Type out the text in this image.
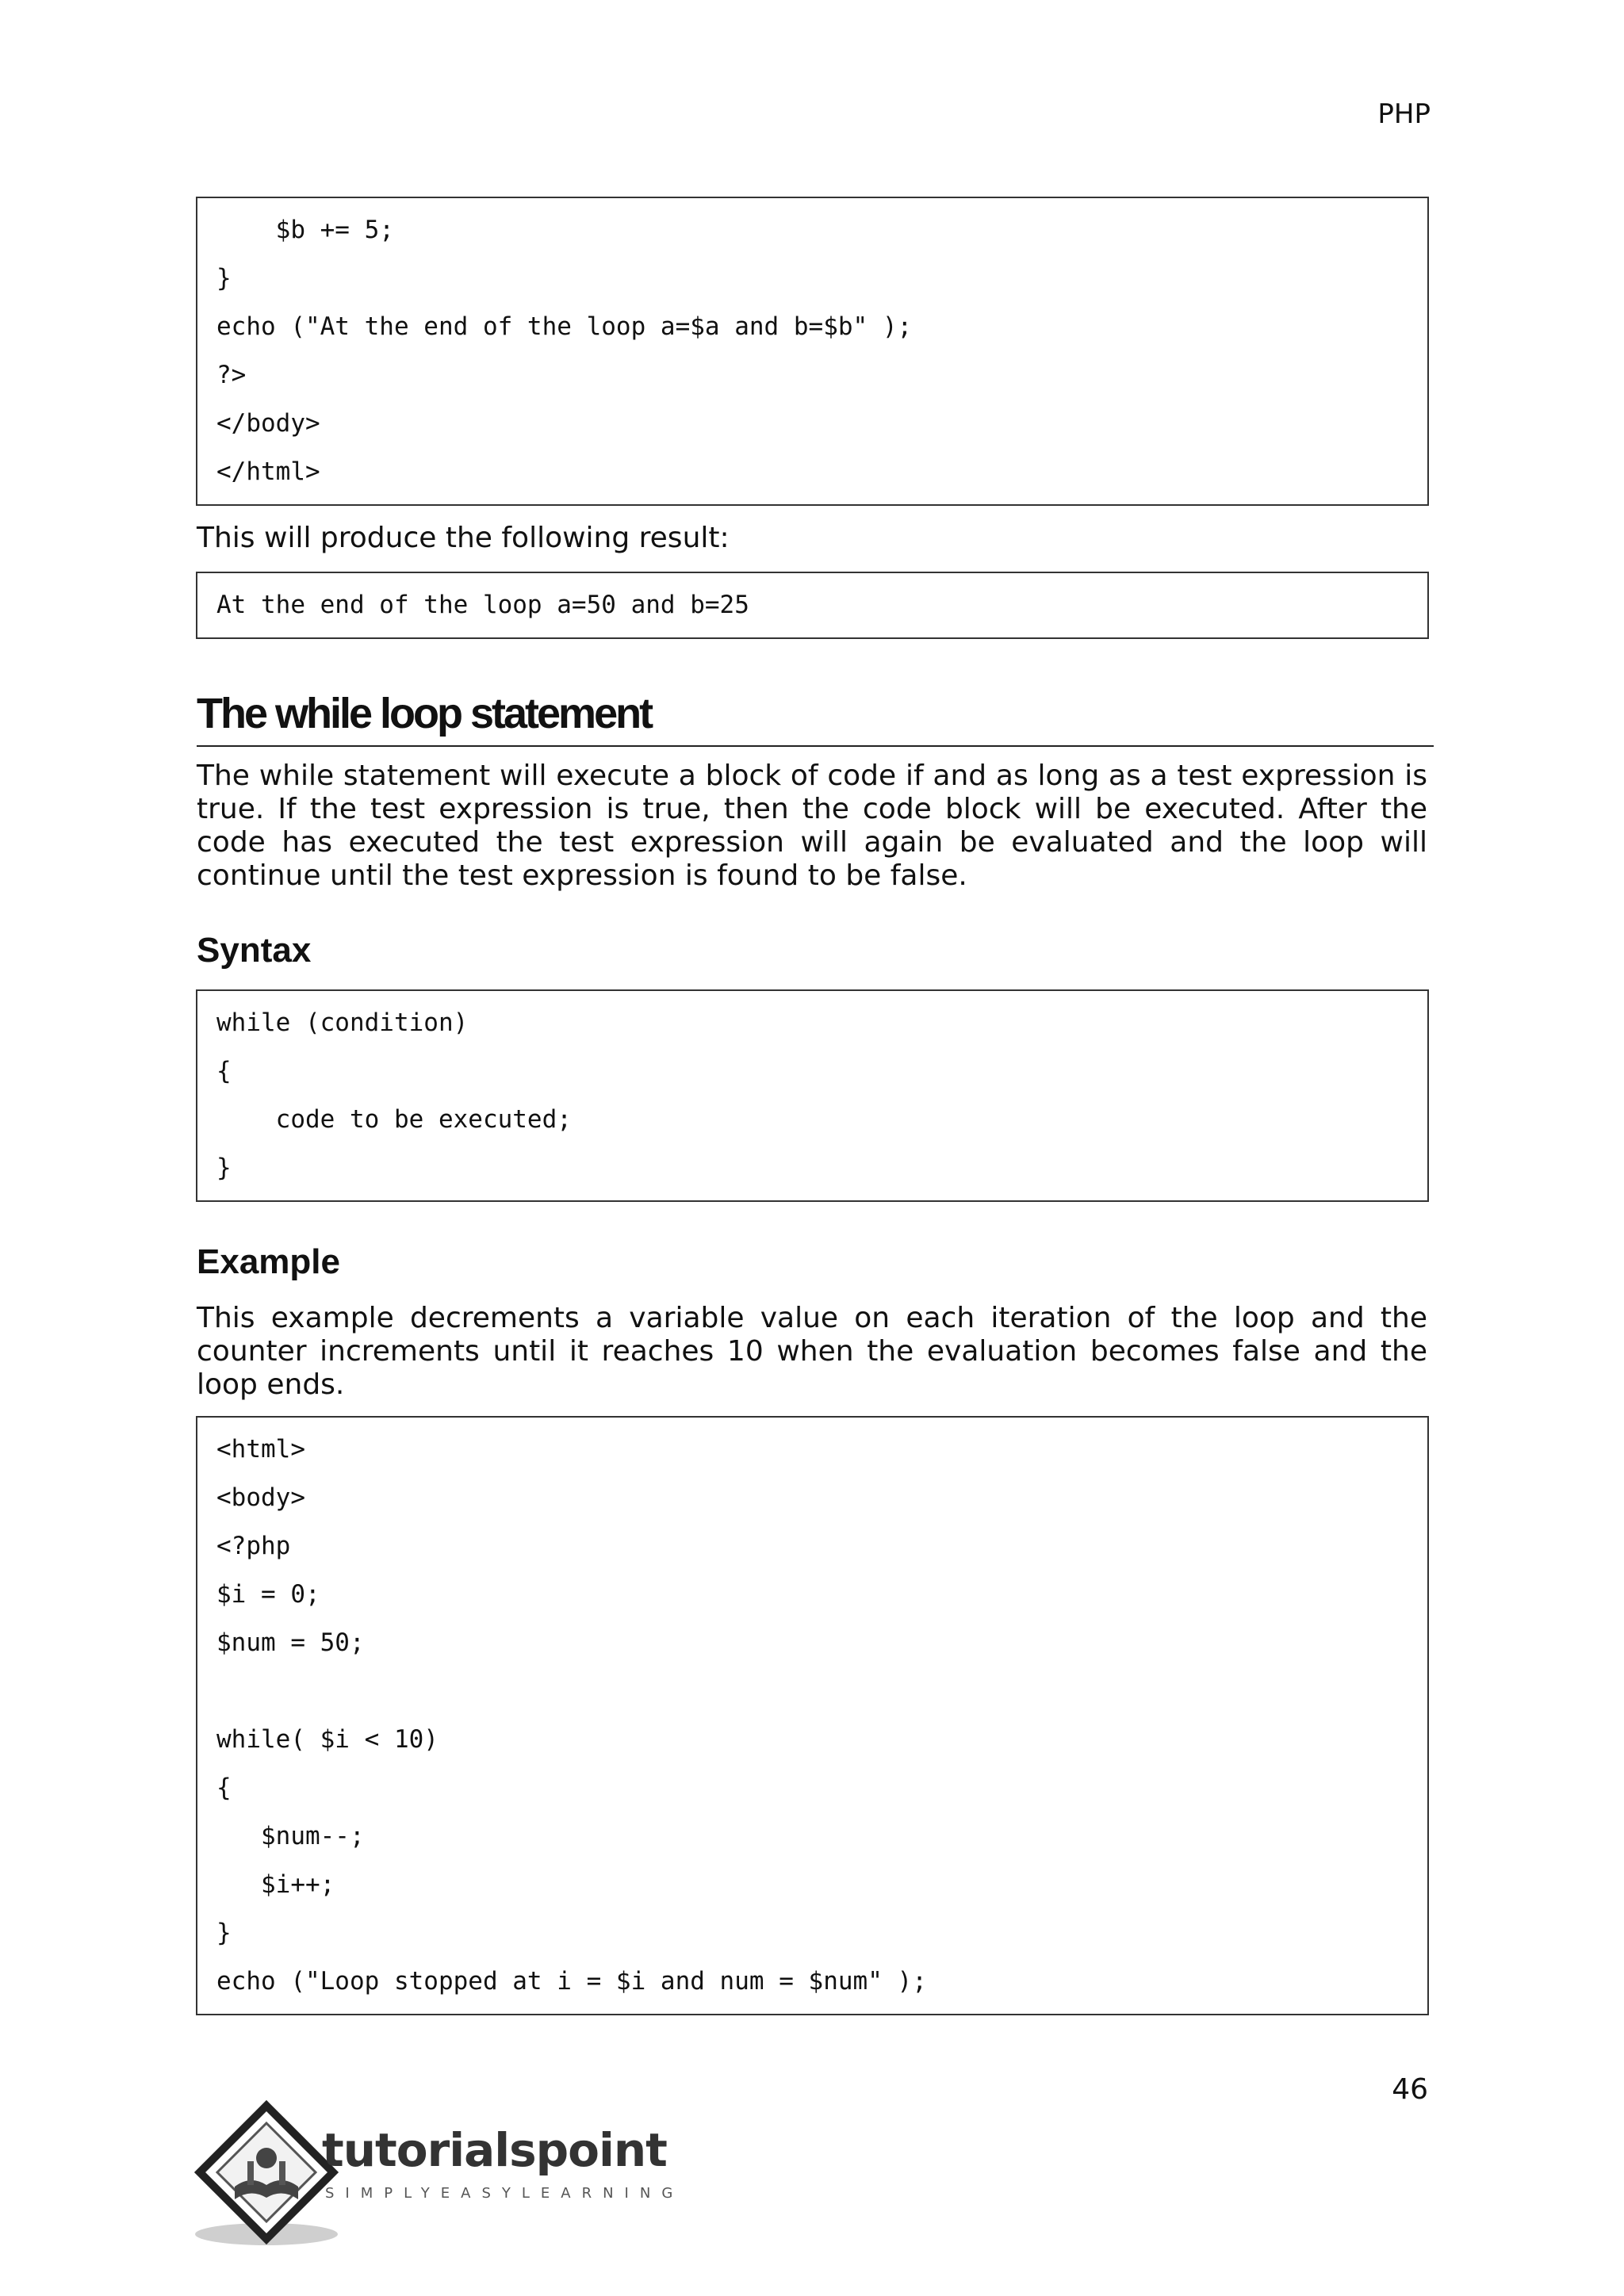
PHP
$b += 5;
}
echo ("At the end of the loop a=$a and b=$b" );
?>
</body>
</html>
This will produce the following result:
At the end of the loop a=50 and b=25
The while loop statement
The while statement will execute a block of code if and as long as a test expression is true. If the test expression is true, then the code block will be executed. After the code has executed the test expression will again be evaluated and the loop will continue until the test expression is found to be false.
Syntax
while (condition)
{
code to be executed;
}
Example
This example decrements a variable value on each iteration of the loop and the counter increments until it reaches 10 when the evaluation becomes false and the loop ends.
<html>
<body>
<?php
$i = 0;
$num = 50;
while( $i < 10)
{
$num--;
$i++;
}
echo ("Loop stopped at i = $i and num = $num" );
46
tutorialspoint
SIMPLYEASYLEARNING
